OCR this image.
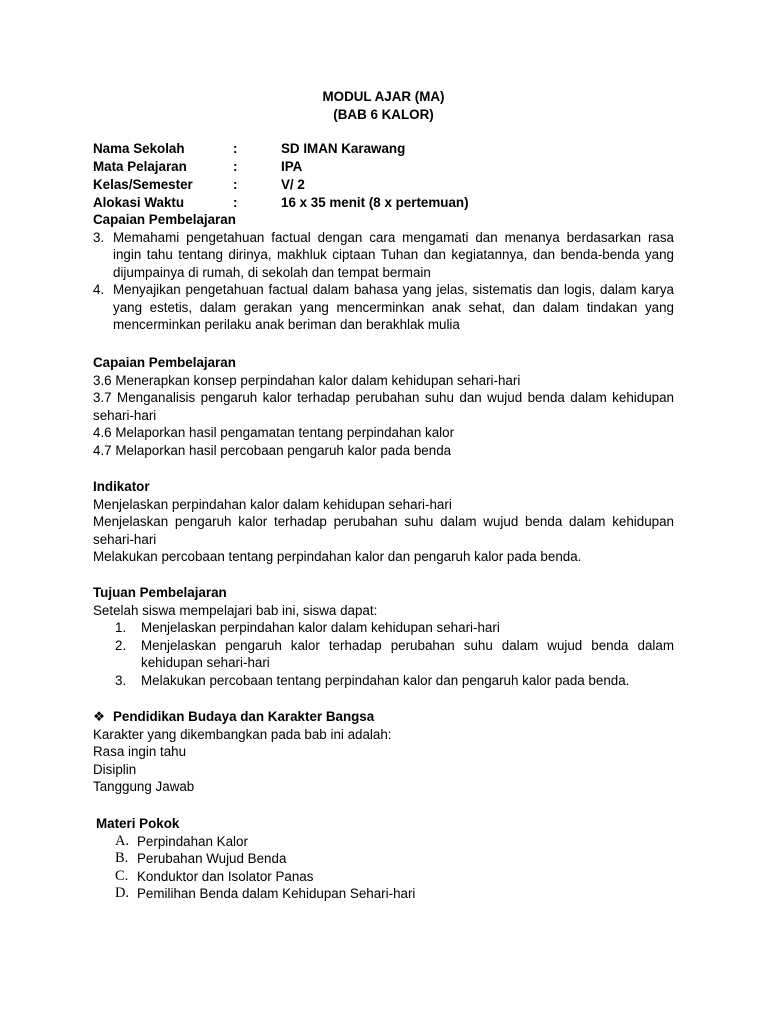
MODUL AJAR (MA)
(BAB 6 KALOR)
Nama Sekolah	:	SD IMAN Karawang
Mata Pelajaran	:	IPA
Kelas/Semester	:	V/ 2
Alokasi Waktu	:	16 x 35 menit (8 x pertemuan)
Capaian Pembelajaran
3. Memahami pengetahuan factual dengan cara mengamati dan menanya berdasarkan rasa ingin tahu tentang dirinya, makhluk ciptaan Tuhan dan kegiatannya, dan benda-benda yang dijumpainya di rumah, di sekolah dan tempat bermain
4. Menyajikan pengetahuan factual dalam bahasa yang jelas, sistematis dan logis, dalam karya yang estetis, dalam gerakan yang mencerminkan anak sehat, dan dalam tindakan yang mencerminkan perilaku anak beriman dan berakhlak mulia
Capaian Pembelajaran
3.6 Menerapkan konsep perpindahan kalor dalam kehidupan sehari-hari
3.7 Menganalisis pengaruh kalor terhadap perubahan suhu dan wujud benda dalam kehidupan sehari-hari
4.6 Melaporkan hasil pengamatan tentang perpindahan kalor
4.7 Melaporkan hasil percobaan pengaruh kalor pada benda
Indikator
Menjelaskan perpindahan kalor dalam kehidupan sehari-hari
Menjelaskan pengaruh kalor terhadap perubahan suhu dalam wujud benda dalam kehidupan sehari-hari
Melakukan percobaan tentang perpindahan kalor dan pengaruh kalor pada benda.
Tujuan Pembelajaran
Setelah siswa mempelajari bab ini, siswa dapat:
1.	Menjelaskan perpindahan kalor dalam kehidupan sehari-hari
2.	Menjelaskan pengaruh kalor terhadap perubahan suhu dalam wujud benda dalam kehidupan sehari-hari
3.	Melakukan percobaan tentang perpindahan kalor dan pengaruh kalor pada benda.
❖ Pendidikan Budaya dan Karakter Bangsa
Karakter yang dikembangkan pada bab ini adalah:
Rasa ingin tahu
Disiplin
Tanggung Jawab
Materi Pokok
A. Perpindahan Kalor
B. Perubahan Wujud Benda
C. Konduktor dan Isolator Panas
D. Pemilihan Benda dalam Kehidupan Sehari-hari
